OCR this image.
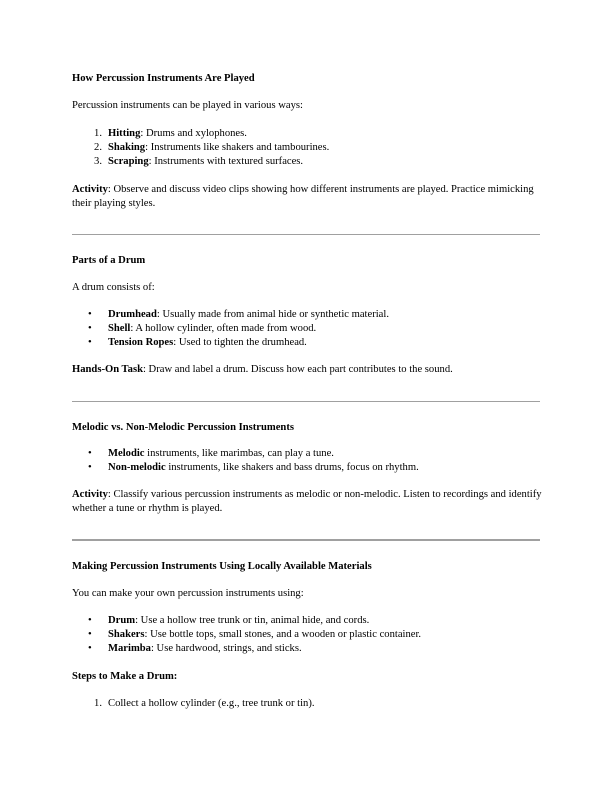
How Percussion Instruments Are Played
Percussion instruments can be played in various ways:
1. Hitting: Drums and xylophones.
2. Shaking: Instruments like shakers and tambourines.
3. Scraping: Instruments with textured surfaces.
Activity: Observe and discuss video clips showing how different instruments are played. Practice mimicking their playing styles.
Parts of a Drum
A drum consists of:
• Drumhead: Usually made from animal hide or synthetic material.
• Shell: A hollow cylinder, often made from wood.
• Tension Ropes: Used to tighten the drumhead.
Hands-On Task: Draw and label a drum. Discuss how each part contributes to the sound.
Melodic vs. Non-Melodic Percussion Instruments
• Melodic instruments, like marimbas, can play a tune.
• Non-melodic instruments, like shakers and bass drums, focus on rhythm.
Activity: Classify various percussion instruments as melodic or non-melodic. Listen to recordings and identify whether a tune or rhythm is played.
Making Percussion Instruments Using Locally Available Materials
You can make your own percussion instruments using:
• Drum: Use a hollow tree trunk or tin, animal hide, and cords.
• Shakers: Use bottle tops, small stones, and a wooden or plastic container.
• Marimba: Use hardwood, strings, and sticks.
Steps to Make a Drum:
1. Collect a hollow cylinder (e.g., tree trunk or tin).
